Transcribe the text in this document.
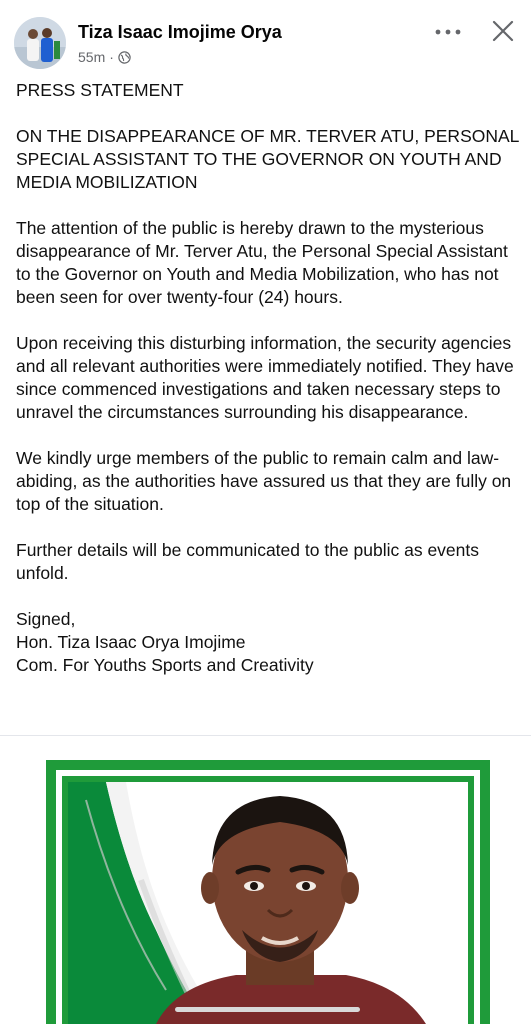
Tiza Isaac Imojime Orya
55m ·

PRESS STATEMENT

ON THE DISAPPEARANCE OF MR. TERVER ATU, PERSONAL SPECIAL ASSISTANT TO THE GOVERNOR ON YOUTH AND MEDIA MOBILIZATION

The attention of the public is hereby drawn to the mysterious disappearance of Mr. Terver Atu, the Personal Special Assistant to the Governor on Youth and Media Mobilization, who has not been seen for over twenty-four (24) hours.

Upon receiving this disturbing information, the security agencies and all relevant authorities were immediately notified. They have since commenced investigations and taken necessary steps to unravel the circumstances surrounding his disappearance.

We kindly urge members of the public to remain calm and law-abiding, as the authorities have assured us that they are fully on top of the situation.

Further details will be communicated to the public as events unfold.

Signed,

Hon. Tiza Isaac Orya Imojime

Com. For Youths Sports and Creativity
